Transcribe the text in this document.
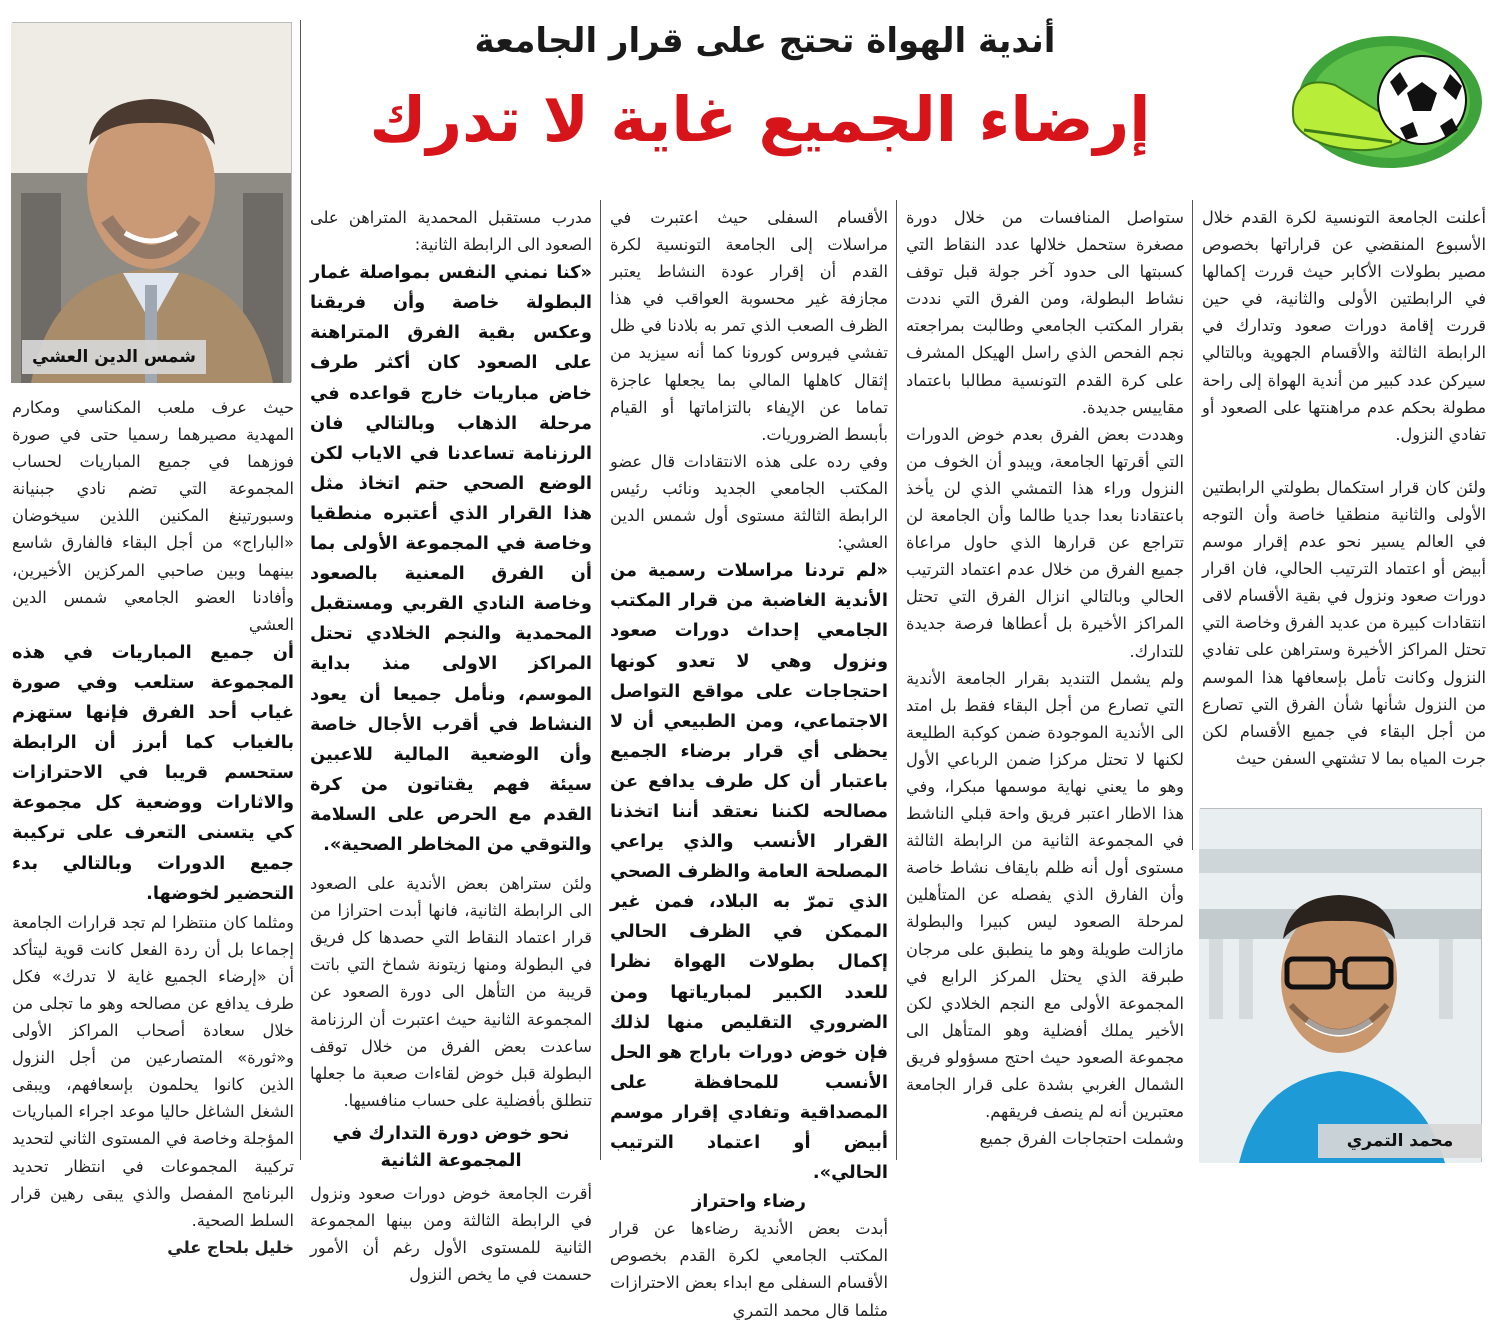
أندية الهواة تحتج على قرار الجامعة
إرضاء الجميع غاية لا تدرك

أعلنت الجامعة التونسية لكرة القدم خلال الأسبوع المنقضي عن قراراتها بخصوص مصير بطولات الأكابر حيث قررت إكمالها في الرابطتين الأولى والثانية، في حين قررت إقامة دورات صعود وتدارك في الرابطة الثالثة والأقسام الجهوية وبالتالي سيركن عدد كبير من أندية الهواة إلى راحة مطولة بحكم عدم مراهنتها على الصعود أو تفادي النزول.

ولئن كان قرار استكمال بطولتي الرابطتين الأولى والثانية منطقيا خاصة وأن التوجه في العالم يسير نحو عدم إقرار موسم أبيض أو اعتماد الترتيب الحالي، فان اقرار دورات صعود ونزول في بقية الأقسام لاقى انتقادات كبيرة من عديد الفرق وخاصة التي تحتل المراكز الأخيرة وستراهن على تفادي النزول وكانت تأمل بإسعافها هذا الموسم من النزول شأنها شأن الفرق التي تصارع من أجل البقاء في جميع الأقسام لكن جرت المياه بما لا تشتهي السفن حيث

محمد التمري

ستواصل المنافسات من خلال دورة مصغرة ستحمل خلالها عدد النقاط التي كسبتها الى حدود آخر جولة قبل توقف نشاط البطولة، ومن الفرق التي نددت بقرار المكتب الجامعي وطالبت بمراجعته نجم الفحص الذي راسل الهيكل المشرف على كرة القدم التونسية مطالبا باعتماد مقاييس جديدة.

وهددت بعض الفرق بعدم خوض الدورات التي أقرتها الجامعة، ويبدو أن الخوف من النزول وراء هذا التمشي الذي لن يأخذ باعتقادنا بعدا جديا طالما وأن الجامعة لن تتراجع عن قرارها الذي حاول مراعاة جميع الفرق من خلال عدم اعتماد الترتيب الحالي وبالتالي انزال الفرق التي تحتل المراكز الأخيرة بل أعطاها فرصة جديدة للتدارك.

ولم يشمل التنديد بقرار الجامعة الأندية التي تصارع من أجل البقاء فقط بل امتد الى الأندية الموجودة ضمن كوكبة الطليعة لكنها لا تحتل مركزا ضمن الرباعي الأول وهو ما يعني نهاية موسمها مبكرا، وفي هذا الاطار اعتبر فريق واحة قبلي الناشط في المجموعة الثانية من الرابطة الثالثة مستوى أول أنه ظلم بايقاف نشاط خاصة وأن الفارق الذي يفصله عن المتأهلين لمرحلة الصعود ليس كبيرا والبطولة مازالت طويلة وهو ما ينطبق على مرجان طبرقة الذي يحتل المركز الرابع في المجموعة الأولى مع النجم الخلادي لكن الأخير يملك أفضلية وهو المتأهل الى مجموعة الصعود حيث احتج مسؤولو فريق الشمال الغربي بشدة على قرار الجامعة معتبرين أنه لم ينصف فريقهم.

وشملت احتجاجات الفرق جميع

الأقسام السفلى حيث اعتبرت في مراسلات إلى الجامعة التونسية لكرة القدم أن إقرار عودة النشاط يعتبر مجازفة غير محسوبة العواقب في هذا الظرف الصعب الذي تمر به بلادنا في ظل تفشي فيروس كورونا كما أنه سيزيد من إثقال كاهلها المالي بما يجعلها عاجزة تماما عن الإيفاء بالتزاماتها أو القيام بأبسط الضروريات.

وفي رده على هذه الانتقادات قال عضو المكتب الجامعي الجديد ونائب رئيس الرابطة الثالثة مستوى أول شمس الدين العشي:

«لم تردنا مراسلات رسمية من الأندية الغاضبة من قرار المكتب الجامعي إحداث دورات صعود ونزول وهي لا تعدو كونها احتجاجات على مواقع التواصل الاجتماعي، ومن الطبيعي أن لا يحظى أي قرار برضاء الجميع باعتبار أن كل طرف يدافع عن مصالحه لكننا نعتقد أننا اتخذنا القرار الأنسب والذي يراعي المصلحة العامة والظرف الصحي الذي تمرّ به البلاد، فمن غير الممكن في الظرف الحالي إكمال بطولات الهواة نظرا للعدد الكبير لمبارياتها ومن الضروري التقليص منها لذلك فإن خوض دورات باراج هو الحل الأنسب للمحافظة على المصداقية وتفادي إقرار موسم أبيض أو اعتماد الترتيب الحالي».

رضاء واحتراز

أبدت بعض الأندية رضاءها عن قرار المكتب الجامعي لكرة القدم بخصوص الأقسام السفلى مع ابداء بعض الاحترازات مثلما قال محمد التمري

مدرب مستقبل المحمدية المتراهن على الصعود الى الرابطة الثانية:

«كنا نمني النفس بمواصلة غمار البطولة خاصة وأن فريقنا وعكس بقية الفرق المتراهنة على الصعود كان أكثر طرف خاض مباريات خارج قواعده في مرحلة الذهاب وبالتالي فان الرزنامة تساعدنا في الاياب لكن الوضع الصحي حتم اتخاذ مثل هذا القرار الذي أعتبره منطقيا وخاصة في المجموعة الأولى بما أن الفرق المعنية بالصعود وخاصة النادي القربي ومستقبل المحمدية والنجم الخلادي تحتل المراكز الاولى منذ بداية الموسم، ونأمل جميعا أن يعود النشاط في أقرب الأجال خاصة وأن الوضعية المالية للاعبين سيئة فهم يقتاتون من كرة القدم مع الحرص على السلامة والتوقي من المخاطر الصحية».

ولئن ستراهن بعض الأندية على الصعود الى الرابطة الثانية، فانها أبدت احترازا من قرار اعتماد النقاط التي حصدها كل فريق في البطولة ومنها زيتونة شماخ التي باتت قريبة من التأهل الى دورة الصعود عن المجموعة الثانية حيث اعتبرت أن الرزنامة ساعدت بعض الفرق من خلال توقف البطولة قبل خوض لقاءات صعبة ما جعلها تنطلق بأفضلية على حساب منافسيها.

نحو خوض دورة التدارك في المجموعة الثانية

أقرت الجامعة خوض دورات صعود ونزول في الرابطة الثالثة ومن بينها المجموعة الثانية للمستوى الأول رغم أن الأمور حسمت في ما يخص النزول

شمس الدين العشي

حيث عرف ملعب المكناسي ومكارم المهدية مصيرهما رسميا حتى في صورة فوزهما في جميع المباريات لحساب المجموعة التي تضم نادي جبنيانة وسبورتينغ المكنين اللذين سيخوضان «الباراج» من أجل البقاء فالفارق شاسع بينهما وبين صاحبي المركزين الأخيرين، وأفادنا العضو الجامعي شمس الدين العشي

أن جميع المباريات في هذه المجموعة ستلعب وفي صورة غياب أحد الفرق فإنها ستهزم بالغياب كما أبرز أن الرابطة ستحسم قريبا في الاحترازات والاثارات ووضعية كل مجموعة كي يتسنى التعرف على تركيبة جميع الدورات وبالتالي بدء التحضير لخوضها.

ومثلما كان منتظرا لم تجد قرارات الجامعة إجماعا بل أن ردة الفعل كانت قوية ليتأكد أن «إرضاء الجميع غاية لا تدرك» فكل طرف يدافع عن مصالحه وهو ما تجلى من خلال سعادة أصحاب المراكز الأولى و«ثورة» المتصارعين من أجل النزول الذين كانوا يحلمون بإسعافهم، ويبقى الشغل الشاغل حاليا موعد اجراء المباريات المؤجلة وخاصة في المستوى الثاني لتحديد تركيبة المجموعات في انتظار تحديد البرنامج المفصل والذي يبقى رهين قرار السلط الصحية.

خليل بلحاج علي
